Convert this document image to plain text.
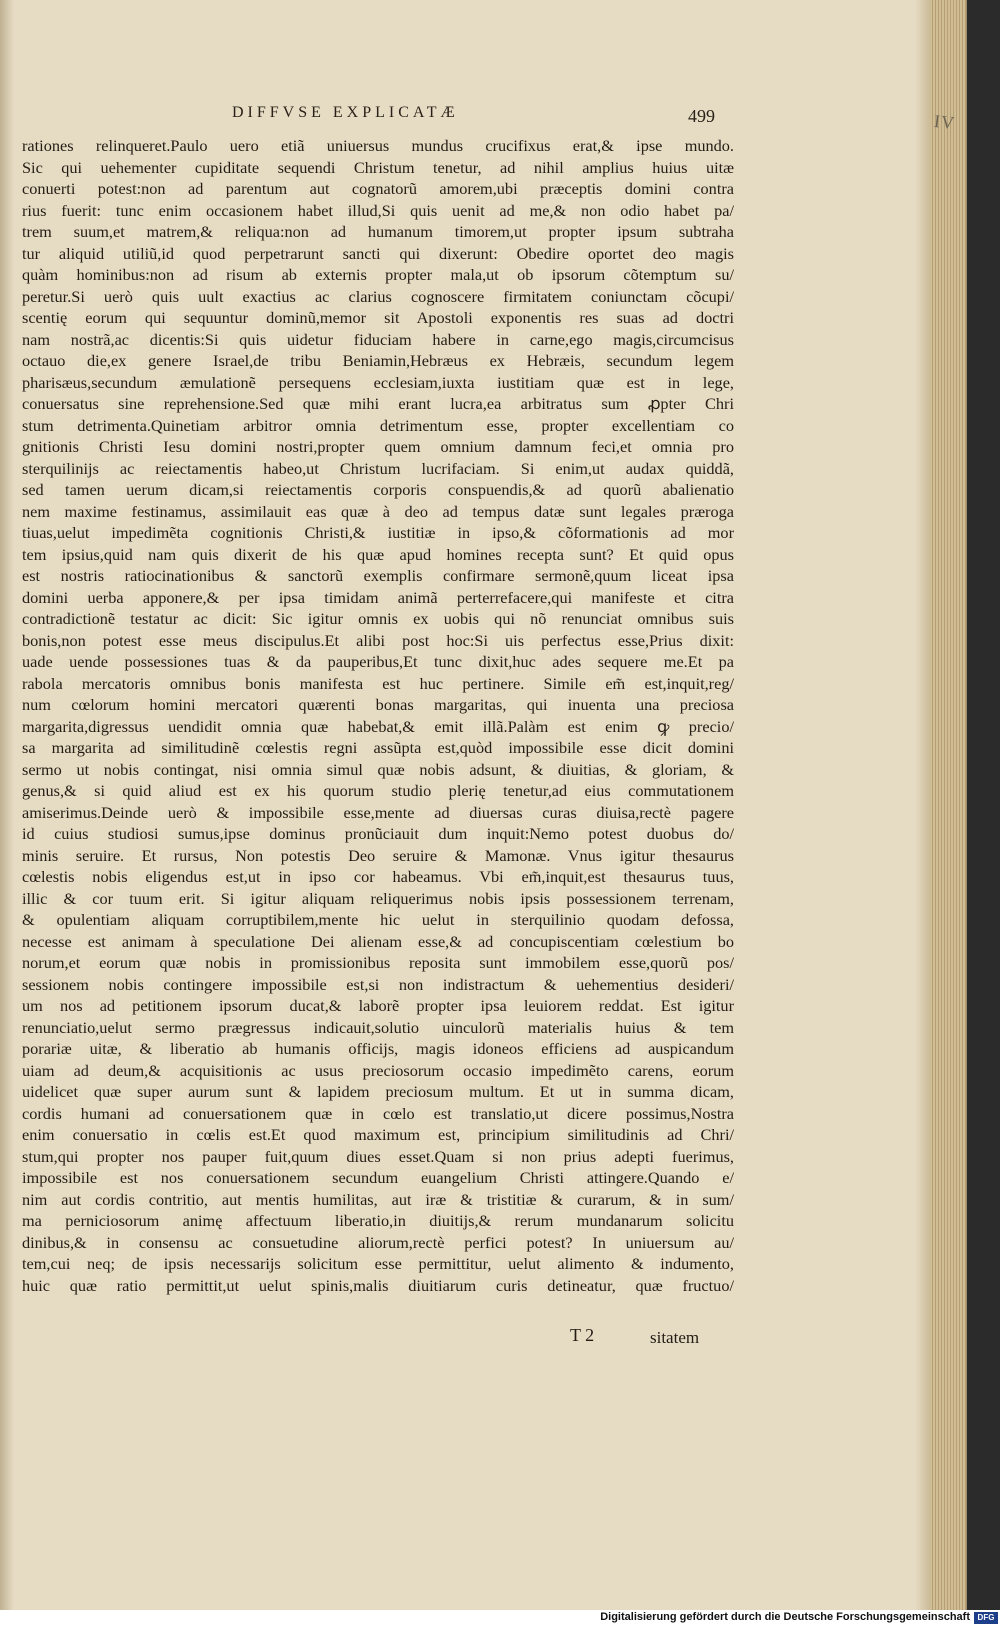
IV
DIFFVSE EXPLICATÆ	499
rationes relinqueret.Paulo uero etiã uniuersus mundus crucifixus erat,& ipse mundo.
Sic qui uehementer cupiditate sequendi Christum tenetur, ad nihil amplius huius uitæ
conuerti potest:non ad parentum aut cognatorũ amorem,ubi præceptis domini contra
rius fuerit: tunc enim occasionem habet illud,Si quis uenit ad me,& non odio habet pa/
trem suum,et matrem,& reliqua:non ad humanum timorem,ut propter ipsum subtraha
tur aliquid utiliũ,id quod perpetrarunt sancti qui dixerunt: Obedire oportet deo magis
quàm hominibus:non ad risum ab externis propter mala,ut ob ipsorum cõtemptum su/
peretur.Si uerò quis uult exactius ac clarius cognoscere firmitatem coniunctam cõcupi/
scentię eorum qui sequuntur dominũ,memor sit Apostoli exponentis res suas ad doctri
nam nostrã,ac dicentis:Si quis uidetur fiduciam habere in carne,ego magis,circumcisus
octauo die,ex genere Israel,de tribu Beniamin,Hebræus ex Hebræis, secundum legem
pharisæus,secundum æmulationẽ persequens ecclesiam,iuxta iustitiam quæ est in lege,
conuersatus sine reprehensione.Sed quæ mihi erant lucra,ea arbitratus sum ꝓpter Chri
stum detrimenta.Quinetiam arbitror omnia detrimentum esse, propter excellentiam co
gnitionis Christi Iesu domini nostri,propter quem omnium damnum feci,et omnia pro
sterquilinijs ac reiectamentis habeo,ut Christum lucrifaciam. Si enim,ut audax quiddã,
sed tamen uerum dicam,si reiectamentis corporis conspuendis,& ad quorũ abalienatio
nem maxime festinamus, assimilauit eas quæ à deo ad tempus datæ sunt legales præroga
tiuas,uelut impedimẽta cognitionis Christi,& iustitiæ in ipso,& cõformationis ad mor
tem ipsius,quid nam quis dixerit de his quæ apud homines recepta sunt? Et quid opus
est nostris ratiocinationibus & sanctorũ exemplis confirmare sermonẽ,quum liceat ipsa
domini uerba apponere,& per ipsa timidam animã perterrefacere,qui manifeste et citra
contradictionẽ testatur ac dicit: Sic igitur omnis ex uobis qui nõ renunciat omnibus suis
bonis,non potest esse meus discipulus.Et alibi post hoc:Si uis perfectus esse,Prius dixit:
uade uende possessiones tuas & da pauperibus,Et tunc dixit,huc ades sequere me.Et pa
rabola mercatoris omnibus bonis manifesta est huc pertinere. Simile em̃ est,inquit,reg/
num cœlorum homini mercatori quærenti bonas margaritas, qui inuenta una preciosa
margarita,digressus uendidit omnia quæ habebat,& emit illã.Palàm est enim ꝙ precio/
sa margarita ad similitudinẽ cœlestis regni assũpta est,quòd impossibile esse dicit domini
sermo ut nobis contingat, nisi omnia simul quæ nobis adsunt, & diuitias, & gloriam, &
genus,& si quid aliud est ex his quorum studio plerię tenetur,ad eius commutationem
amiserimus.Deinde uerò & impossibile esse,mente ad diuersas curas diuisa,rectè pagere
id cuius studiosi sumus,ipse dominus pronũciauit dum inquit:Nemo potest duobus do/
minis seruire. Et rursus, Non potestis Deo seruire & Mamonæ. Vnus igitur thesaurus
cœlestis nobis eligendus est,ut in ipso cor habeamus. Vbi em̃,inquit,est thesaurus tuus,
illic & cor tuum erit. Si igitur aliquam reliquerimus nobis ipsis possessionem terrenam,
& opulentiam aliquam corruptibilem,mente hic uelut in sterquilinio quodam defossa,
necesse est animam à speculatione Dei alienam esse,& ad concupiscentiam cœlestium bo
norum,et eorum quæ nobis in promissionibus reposita sunt immobilem esse,quorũ pos/
sessionem nobis contingere impossibile est,si non indistractum & uehementius desideri/
um nos ad petitionem ipsorum ducat,& laborẽ propter ipsa leuiorem reddat. Est igitur
renunciatio,uelut sermo prægressus indicauit,solutio uinculorũ materialis huius & tem
porariæ uitæ, & liberatio ab humanis officijs, magis idoneos efficiens ad auspicandum
uiam ad deum,& acquisitionis ac usus preciosorum occasio impedimẽto carens, eorum
uidelicet quæ super aurum sunt & lapidem preciosum multum. Et ut in summa dicam,
cordis humani ad conuersationem quæ in cœlo est translatio,ut dicere possimus,Nostra
enim conuersatio in cœlis est.Et quod maximum est, principium similitudinis ad Chri/
stum,qui propter nos pauper fuit,quum diues esset.Quam si non prius adepti fuerimus,
impossibile est nos conuersationem secundum euangelium Christi attingere.Quando e/
nim aut cordis contritio, aut mentis humilitas, aut iræ & tristitiæ & curarum, & in sum/
ma perniciosorum animę affectuum liberatio,in diuitijs,& rerum mundanarum solicitu
dinibus,& in consensu ac consuetudine aliorum,rectè perfici potest? In uniuersum au/
tem,cui neq; de ipsis necessarijs solicitum esse permittitur, uelut alimento & indumento,
huic quæ ratio permittit,ut uelut spinis,malis diuitiarum curis detineatur, quæ fructuo/
T 2	sitatem
Digitalisierung gefördert durch die Deutsche Forschungsgemeinschaft DFG
